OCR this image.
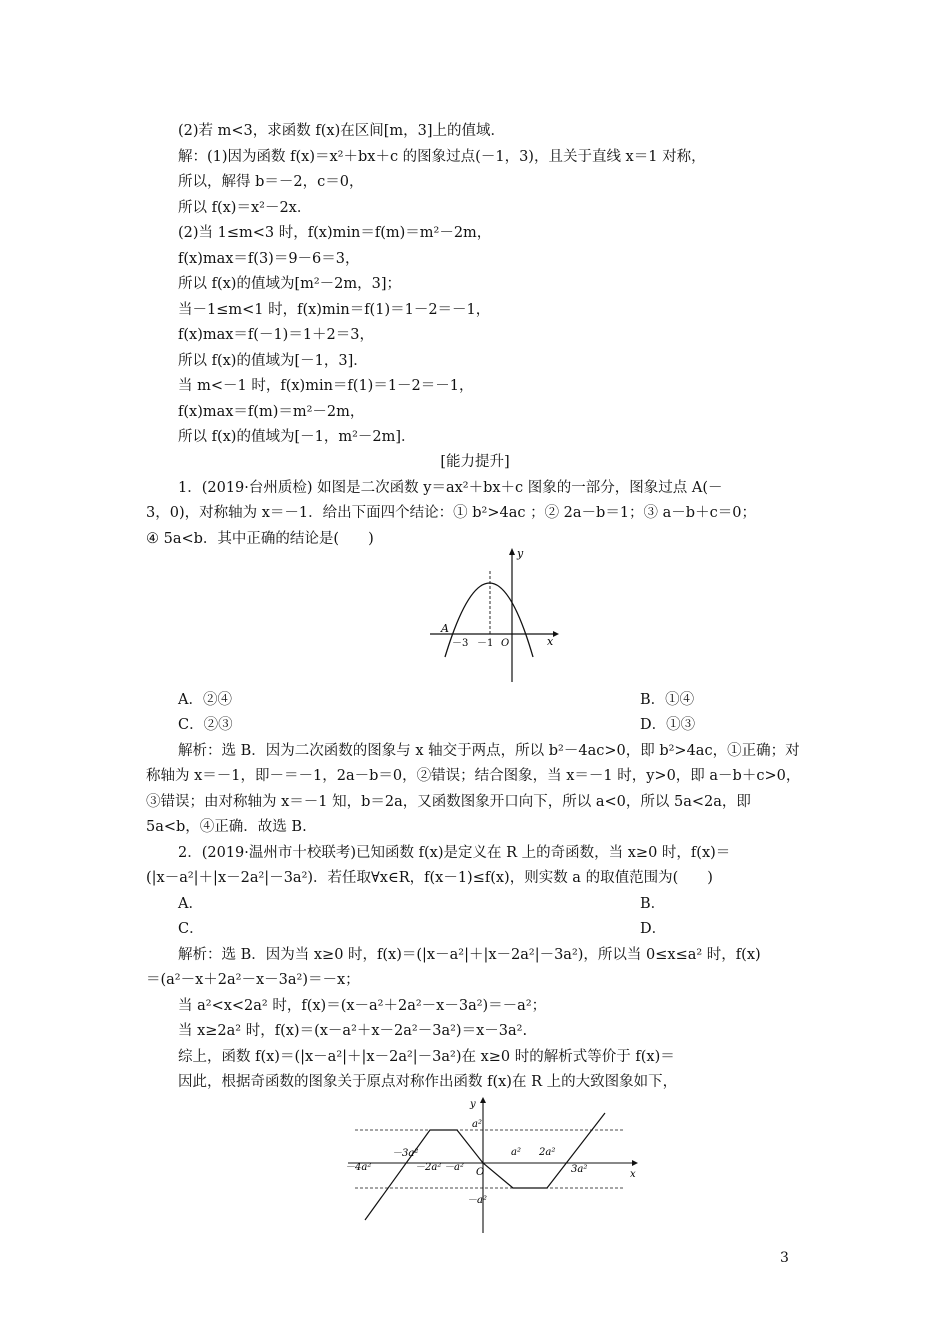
(2)若 m<3，求函数 f(x)在区间[m，3]上的值域．
解：(1)因为函数 f(x)＝x²＋bx＋c 的图象过点(－1，3)，且关于直线 x＝1 对称，
所以，解得 b＝－2，c＝0，
所以 f(x)＝x²－2x．
(2)当 1≤m<3 时，f(x)min＝f(m)＝m²－2m，
f(x)max＝f(3)＝9－6＝3，
所以 f(x)的值域为[m²－2m，3]；
当－1≤m<1 时，f(x)min＝f(1)＝1－2＝－1，
f(x)max＝f(－1)＝1＋2＝3，
所以 f(x)的值域为[－1，3]．
当 m<－1 时，f(x)min＝f(1)＝1－2＝－1，
f(x)max＝f(m)＝m²－2m，
所以 f(x)的值域为[－1，m²－2m]．
[能力提升]
1．(2019·台州质检) 如图是二次函数 y＝ax²＋bx＋c 图象的一部分，图象过点 A(－
3，0)，对称轴为 x＝－1．给出下面四个结论：① b²>4ac ；② 2a－b＝1；③ a－b＋c＝0；
④ 5a<b．其中正确的结论是(　　)
y
x
A
－3 －1 O
A．②④	B．①④
C．②③	D．①③
解析：选 B．因为二次函数的图象与 x 轴交于两点，所以 b²－4ac>0，即 b²>4ac，①正确；对
称轴为 x＝－1，即－＝－1，2a－b＝0，②错误；结合图象，当 x＝－1 时，y>0，即 a－b＋c>0，
③错误；由对称轴为 x＝－1 知，b＝2a，又函数图象开口向下，所以 a<0，所以 5a<2a，即
5a<b，④正确．故选 B.
2．(2019·温州市十校联考)已知函数 f(x)是定义在 R 上的奇函数，当 x≥0 时，f(x)＝
(|x－a²|＋|x－2a²|－3a²)．若任取∀x∈R，f(x－1)≤f(x)，则实数 a 的取值范围为(　　)
A．	B．
C．	D．
解析：选 B．因为当 x≥0 时，f(x)＝(|x－a²|＋|x－2a²|－3a²)，所以当 0≤x≤a² 时，f(x)
＝(a²－x＋2a²－x－3a²)＝－x；
当 a²<x<2a² 时，f(x)＝(x－a²＋2a²－x－3a²)＝－a²；
当 x≥2a² 时，f(x)＝(x－a²＋x－2a²－3a²)＝x－3a².
综上，函数 f(x)＝(|x－a²|＋|x－2a²|－3a²)在 x≥0 时的解析式等价于 f(x)＝
因此，根据奇函数的图象关于原点对称作出函数 f(x)在 R 上的大致图象如下，
y
x
a²
－a²
O
－3a²
－4a²	－2a² －a²
a² 2a²
3a²
3
